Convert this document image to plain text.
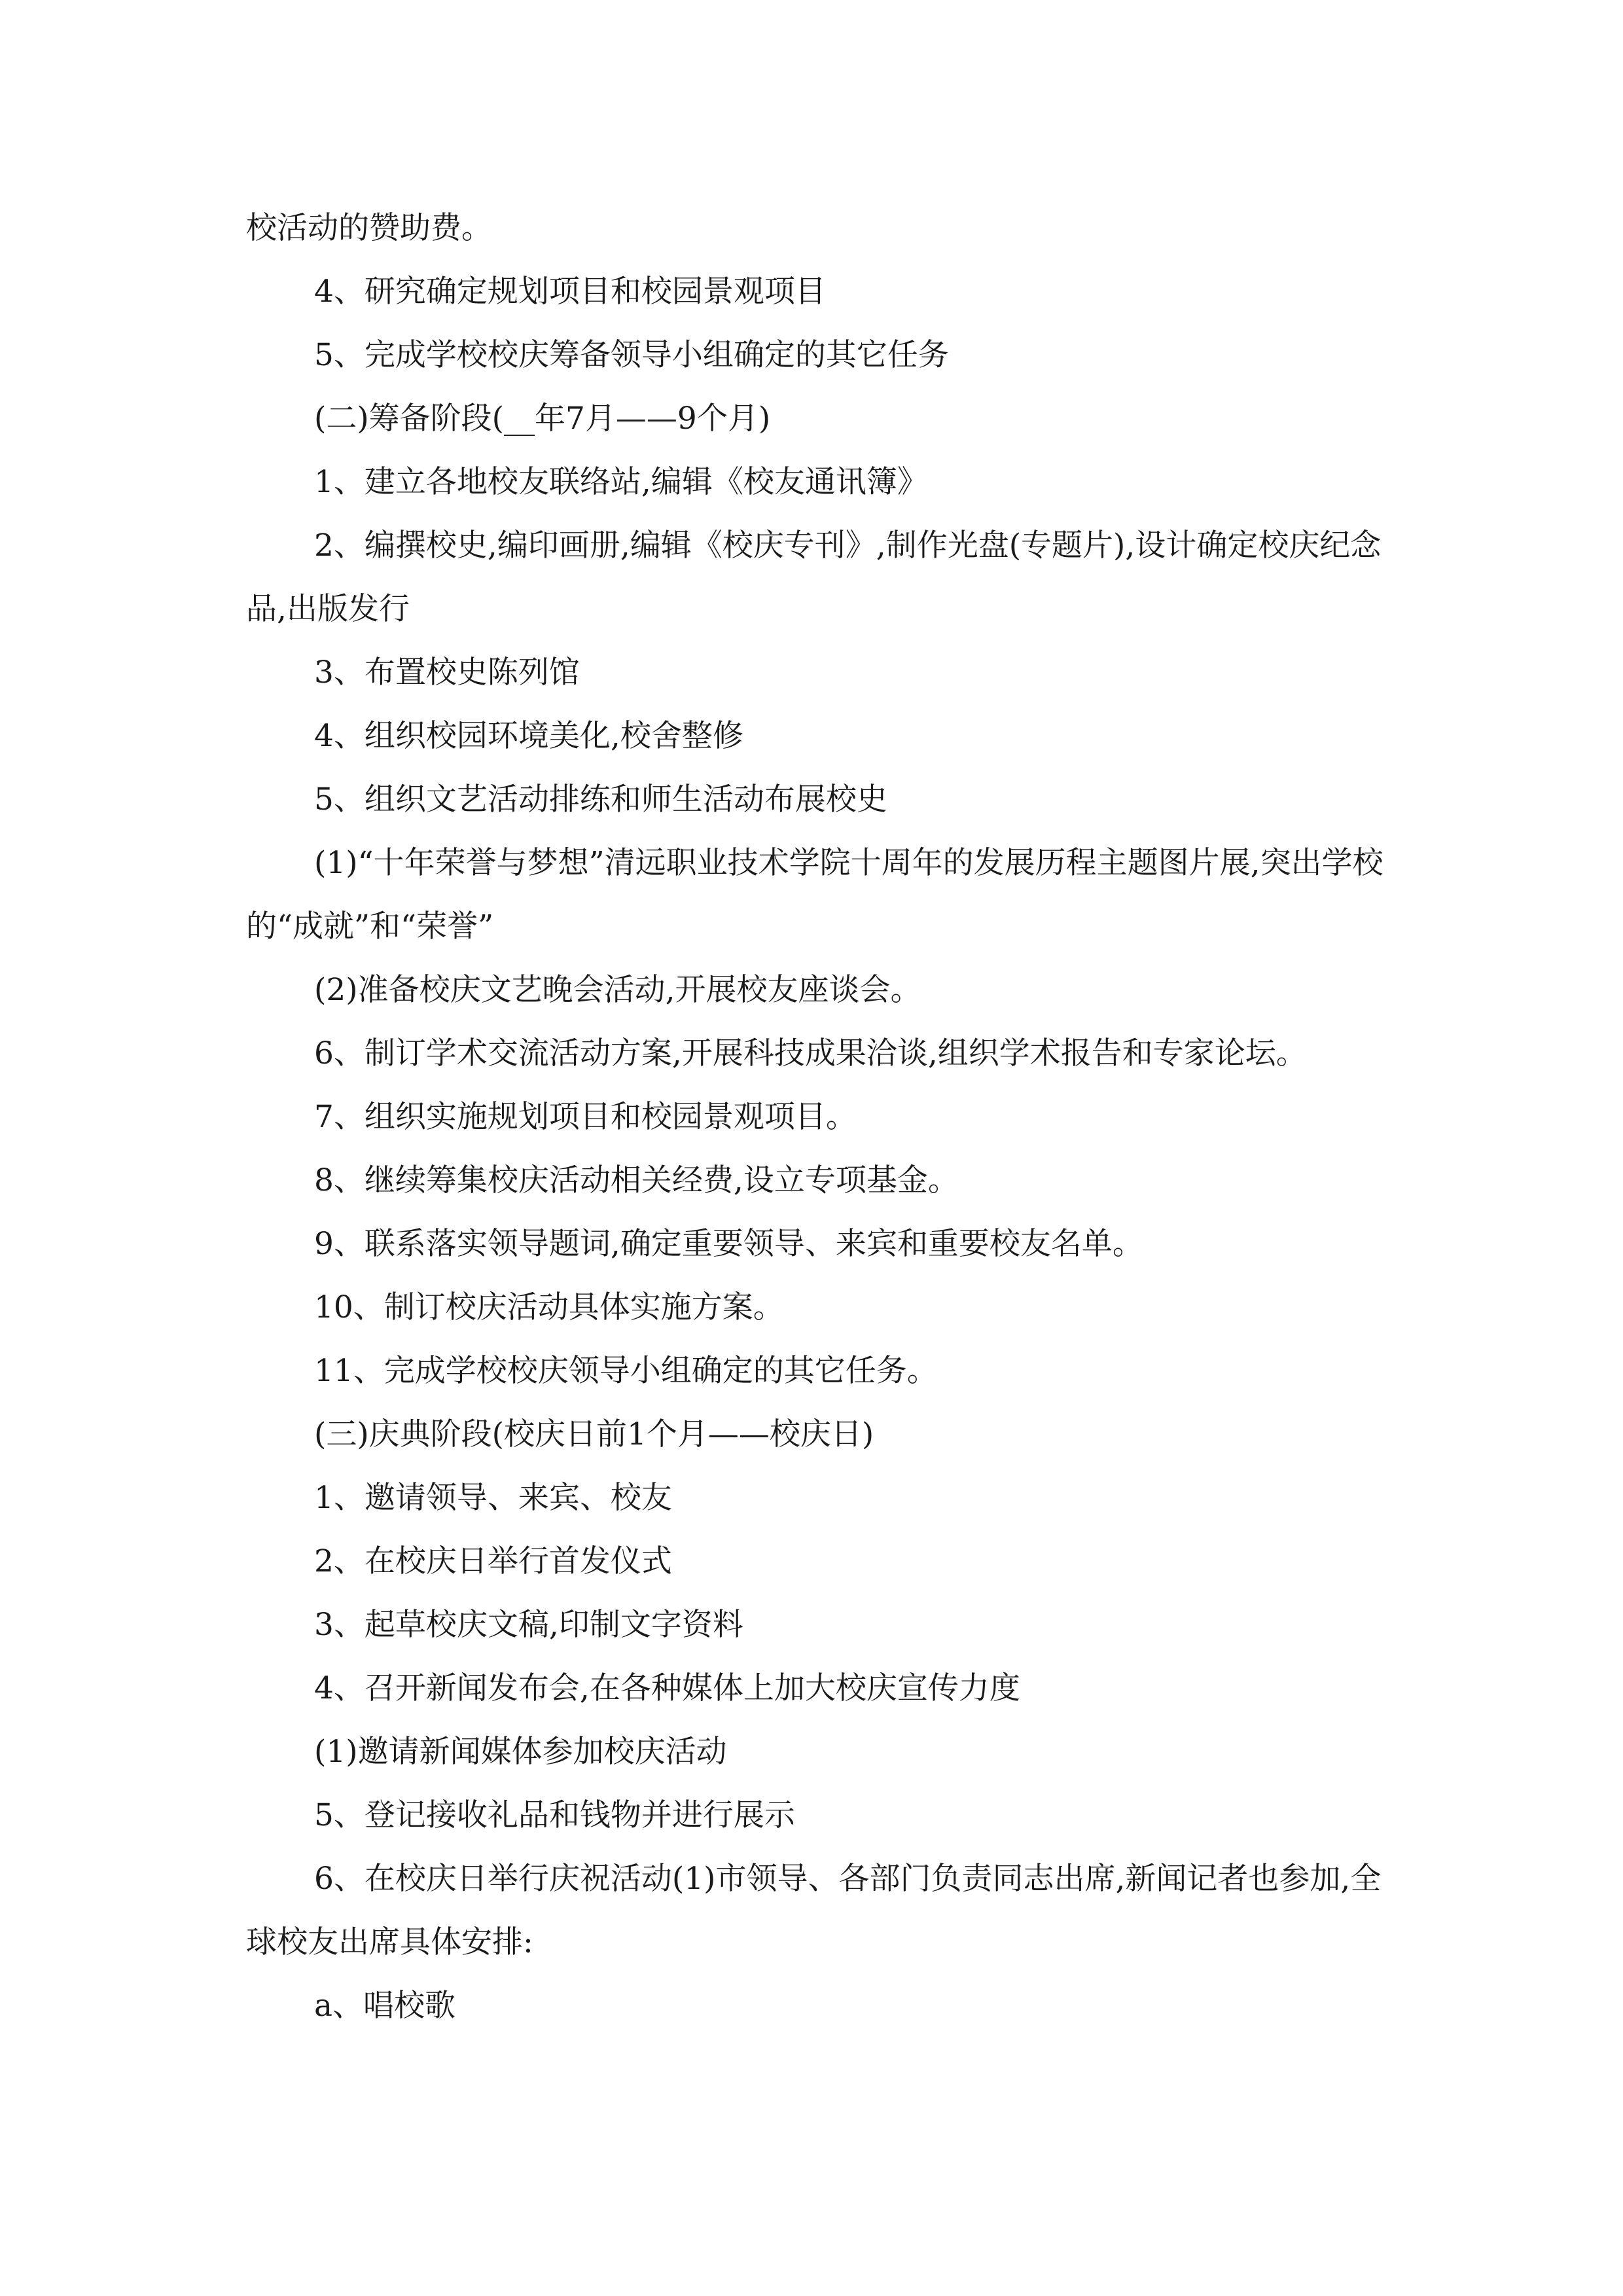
校活动的赞助费。

4、研究确定规划项目和校园景观项目

5、完成学校校庆筹备领导小组确定的其它任务

(二)筹备阶段(__年7月——9个月)

1、建立各地校友联络站,编辑《校友通讯簿》

2、编撰校史,编印画册,编辑《校庆专刊》,制作光盘(专题片),设计确定校庆纪念品,出版发行

3、布置校史陈列馆

4、组织校园环境美化,校舍整修

5、组织文艺活动排练和师生活动布展校史

(1)“十年荣誉与梦想”清远职业技术学院十周年的发展历程主题图片展,突出学校的“成就”和“荣誉”

(2)准备校庆文艺晚会活动,开展校友座谈会。

6、制订学术交流活动方案,开展科技成果洽谈,组织学术报告和专家论坛。

7、组织实施规划项目和校园景观项目。

8、继续筹集校庆活动相关经费,设立专项基金。

9、联系落实领导题词,确定重要领导、来宾和重要校友名单。

10、制订校庆活动具体实施方案。

11、完成学校校庆领导小组确定的其它任务。

(三)庆典阶段(校庆日前1个月——校庆日)

1、邀请领导、来宾、校友

2、在校庆日举行首发仪式

3、起草校庆文稿,印制文字资料

4、召开新闻发布会,在各种媒体上加大校庆宣传力度

(1)邀请新闻媒体参加校庆活动

5、登记接收礼品和钱物并进行展示

6、在校庆日举行庆祝活动(1)市领导、各部门负责同志出席,新闻记者也参加,全球校友出席具体安排:

a、唱校歌
